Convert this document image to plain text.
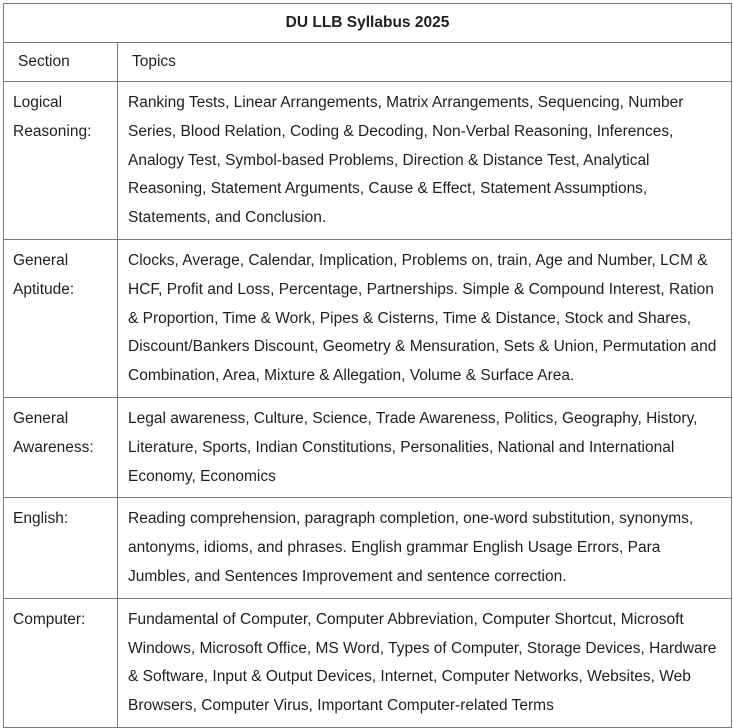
DU LLB Syllabus 2025	
Section	Topics
Logical Reasoning:	Ranking Tests, Linear Arrangements, Matrix Arrangements, Sequencing, Number Series, Blood Relation, Coding & Decoding, Non-Verbal Reasoning, Inferences, Analogy Test, Symbol-based Problems, Direction & Distance Test, Analytical Reasoning, Statement Arguments, Cause & Effect, Statement Assumptions, Statements, and Conclusion.
General Aptitude:	Clocks, Average, Calendar, Implication, Problems on, train, Age and Number, LCM & HCF, Profit and Loss, Percentage, Partnerships. Simple & Compound Interest, Ration & Proportion, Time & Work, Pipes & Cisterns, Time & Distance, Stock and Shares, Discount/Bankers Discount, Geometry & Mensuration, Sets & Union, Permutation and Combination, Area, Mixture & Allegation, Volume & Surface Area.
General Awareness:	Legal awareness, Culture, Science, Trade Awareness, Politics, Geography, History, Literature, Sports, Indian Constitutions, Personalities, National and International Economy, Economics
English:	Reading comprehension, paragraph completion, one-word substitution, synonyms, antonyms, idioms, and phrases. English grammar English Usage Errors, Para Jumbles, and Sentences Improvement and sentence correction.
Computer:	Fundamental of Computer, Computer Abbreviation, Computer Shortcut, Microsoft Windows, Microsoft Office, MS Word, Types of Computer, Storage Devices, Hardware & Software, Input & Output Devices, Internet, Computer Networks, Websites, Web Browsers, Computer Virus, Important Computer-related Terms
